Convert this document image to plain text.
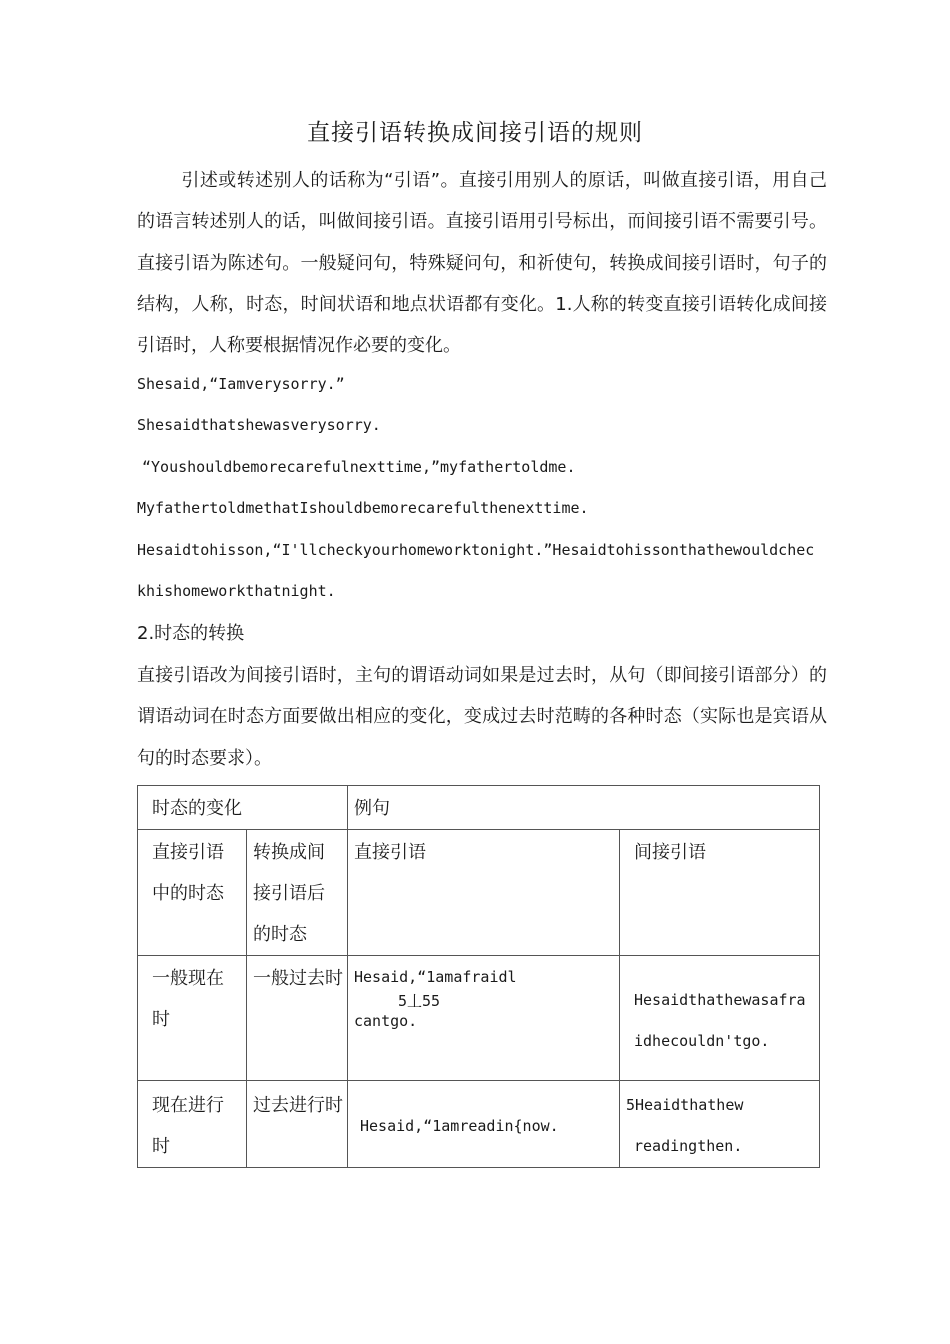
直接引语转换成间接引语的规则
引述或转述别人的话称为“引语”。直接引用别人的原话，叫做直接引语，用自己的语言转述别人的话，叫做间接引语。直接引语用引号标出，而间接引语不需要引号。直接引语为陈述句。一般疑问句，特殊疑问句，和祈使句，转换成间接引语时，句子的结构，人称，时态，时间状语和地点状语都有变化。1.人称的转变直接引语转化成间接引语时，人称要根据情况作必要的变化。
Shesaid,“Iamverysorry.”
Shesaidthatshewasverysorry.
“Youshouldbemorecarefulnexttime,”myfathertoldme.
MyfathertoldmethatIshouldbemorecarefulthenexttime.
Hesaidtohisson,“I'llcheckyourhomeworktonight.”Hesaidtohissonthathewouldcheckhishomeworkthatnight.
2.时态的转换
直接引语改为间接引语时，主句的谓语动词如果是过去时，从句（即间接引语部分）的谓语动词在时态方面要做出相应的变化，变成过去时范畴的各种时态（实际也是宾语从句的时态要求）。
时态的变化		例句	

直接引语中的时态	转换成间接引语后的时态	直接引语	间接引语

一般现在时	一般过去时	Hesaid,“1amafraidl
5丄55
cantgo.	Hesaidthathewasafraidhecouldn'tgo.

现在进行时	过去进行时	Hesaid,“1amreadin{now.	5Heaidthathew
readingthen.
